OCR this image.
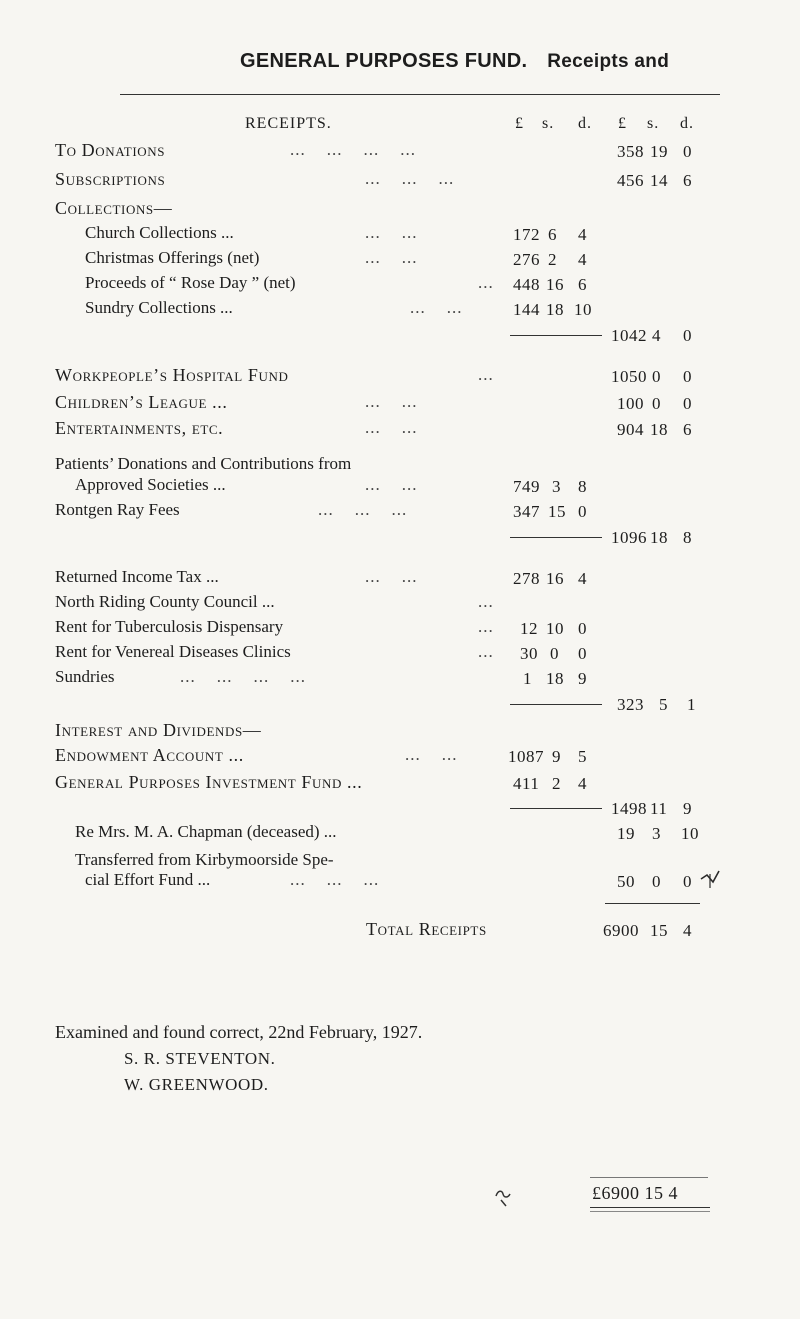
GENERAL PURPOSES FUND. Receipts and
RECEIPTS.	£ s. d. £ s. d.
To Donations	...    ...    ...    ...	358 19 0
Subscriptions	...    ...    ...	456 14 6
Collections—
Church Collections ...	...    ...	172 6 4
Christmas Offerings (net)	...    ...	276 2 4
Proceeds of “ Rose Day ” (net)	... 448 16 6
Sundry Collections ...	...    ...	144 18 10
1042 4 0
Workpeople’s Hospital Fund	...	1050 0 0
Children’s League ...	...    ...	100 0 0
Entertainments, etc.	...    ...	904 18 6
Patients’ Donations and Contributions from
Approved Societies ...	...    ...	749 3 8
Rontgen Ray Fees	...    ...    ...	347 15 0
1096 18 8
Returned Income Tax ...	...    ...	278 16 4
North Riding County Council ...	...
Rent for Tuberculosis Dispensary	... 12 10 0
Rent for Venereal Diseases Clinics	... 30 0 0
Sundries	...    ...    ...    ...	1 18 9
323 5 1
Interest and Dividends—
Endowment Account ...	...    ...	1087 9 5
General Purposes Investment Fund ...	411 2 4
1498 11 9
Re Mrs. M. A. Chapman (deceased) ...	19 3 10
Transferred from Kirbymoorside Spe-
cial Effort Fund ...	...    ...    ...	50 0 0
Total Receipts	6900 15 4
Examined and found correct, 22nd February, 1927.
S. R. STEVENTON.
W. GREENWOOD.
£6900 15 4
